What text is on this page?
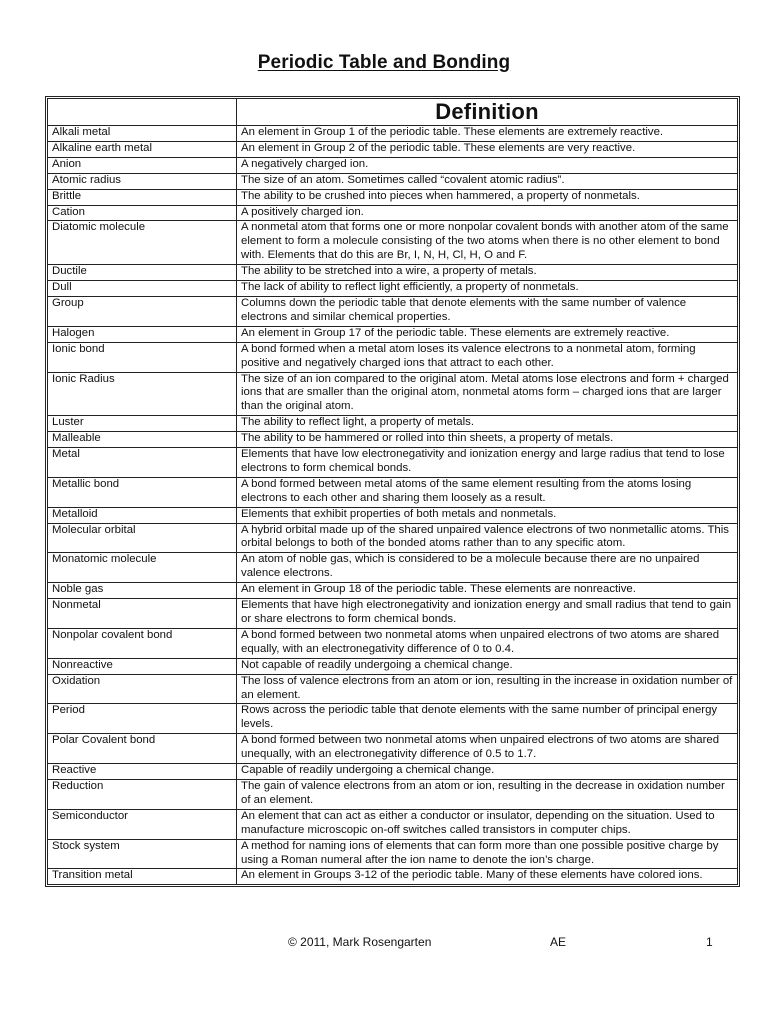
Periodic Table and Bonding
	Definition
Alkali metal	An element in Group 1 of the periodic table. These elements are extremely reactive.
Alkaline earth metal	An element in Group 2 of the periodic table. These elements are very reactive.
Anion	A negatively charged ion.
Atomic radius	The size of an atom. Sometimes called “covalent atomic radius”.
Brittle	The ability to be crushed into pieces when hammered, a property of nonmetals.
Cation	A positively charged ion.
Diatomic molecule	A nonmetal atom that forms one or more nonpolar covalent bonds with another atom of the same element to form a molecule consisting of the two atoms when there is no other element to bond with. Elements that do this are Br, I, N, H, Cl, H, O and F.
Ductile	The ability to be stretched into a wire, a property of metals.
Dull	The lack of ability to reflect light efficiently, a property of nonmetals.
Group	Columns down the periodic table that denote elements with the same number of valence electrons and similar chemical properties.
Halogen	An element in Group 17 of the periodic table. These elements are extremely reactive.
Ionic bond	A bond formed when a metal atom loses its valence electrons to a nonmetal atom, forming positive and negatively charged ions that attract to each other.
Ionic Radius	The size of an ion compared to the original atom. Metal atoms lose electrons and form + charged ions that are smaller than the original atom, nonmetal atoms form – charged ions that are larger than the original atom.
Luster	The ability to reflect light, a property of metals.
Malleable	The ability to be hammered or rolled into thin sheets, a property of metals.
Metal	Elements that have low electronegativity and ionization energy and large radius that tend to lose electrons to form chemical bonds.
Metallic bond	A bond formed between metal atoms of the same element resulting from the atoms losing electrons to each other and sharing them loosely as a result.
Metalloid	Elements that exhibit properties of both metals and nonmetals.
Molecular orbital	A hybrid orbital made up of the shared unpaired valence electrons of two nonmetallic atoms. This orbital belongs to both of the bonded atoms rather than to any specific atom.
Monatomic molecule	An atom of noble gas, which is considered to be a molecule because there are no unpaired valence electrons.
Noble gas	An element in Group 18 of the periodic table. These elements are nonreactive.
Nonmetal	Elements that have high electronegativity and ionization energy and small radius that tend to gain or share electrons to form chemical bonds.
Nonpolar covalent bond	A bond formed between two nonmetal atoms when unpaired electrons of two atoms are shared equally, with an electronegativity difference of 0 to 0.4.
Nonreactive	Not capable of readily undergoing a chemical change.
Oxidation	The loss of valence electrons from an atom or ion, resulting in the increase in oxidation number of an element.
Period	Rows across the periodic table that denote elements with the same number of principal energy levels.
Polar Covalent bond	A bond formed between two nonmetal atoms when unpaired electrons of two atoms are shared unequally, with an electronegativity difference of 0.5 to 1.7.
Reactive	Capable of readily undergoing a chemical change.
Reduction	The gain of valence electrons from an atom or ion, resulting in the decrease in oxidation number of an element.
Semiconductor	An element that can act as either a conductor or insulator, depending on the situation. Used to manufacture microscopic on-off switches called transistors in computer chips.
Stock system	A method for naming ions of elements that can form more than one possible positive charge by using a Roman numeral after the ion name to denote the ion’s charge.
Transition metal	An element in Groups 3-12 of the periodic table. Many of these elements have colored ions.
© 2011, Mark Rosengarten	AE	1
